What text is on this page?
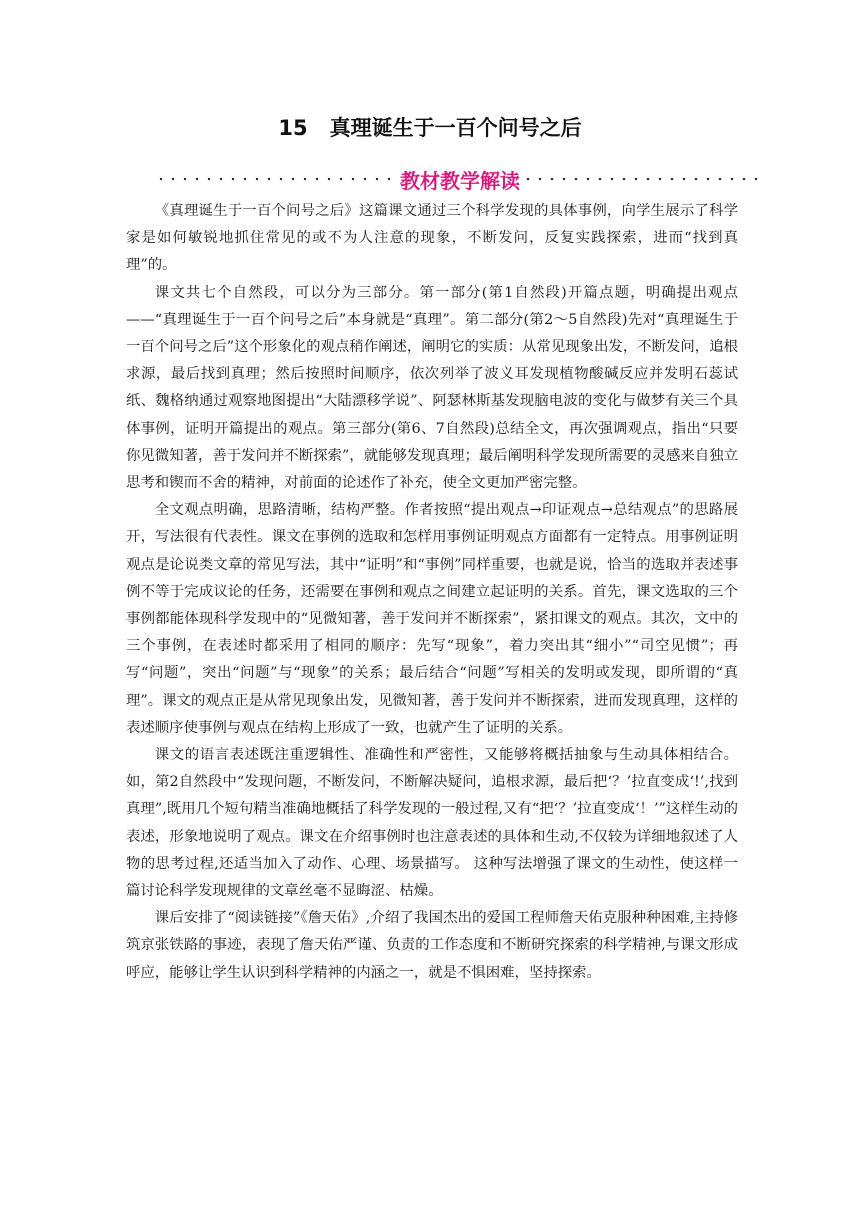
15 真理诞生于一百个问号之后
教材教学解读

《真理诞生于一百个问号之后》这篇课文通过三个科学发现的具体事例，向学生展示了科学家是如何敏锐地抓住常见的或不为人注意的现象，不断发问，反复实践探索，进而“找到真理”的。

课文共七个自然段，可以分为三部分。第一部分(第1自然段)开篇点题，明确提出观点——“真理诞生于一百个问号之后”本身就是“真理”。第二部分(第2～5自然段)先对“真理诞生于一百个问号之后”这个形象化的观点稍作阐述，阐明它的实质：从常见现象出发，不断发问，追根求源，最后找到真理；然后按照时间顺序，依次列举了波义耳发现植物酸碱反应并发明石蕊试纸、魏格纳通过观察地图提出“大陆漂移学说”、阿瑟林斯基发现脑电波的变化与做梦有关三个具体事例，证明开篇提出的观点。第三部分(第6、7自然段)总结全文，再次强调观点，指出“只要你见微知著，善于发问并不断探索”，就能够发现真理；最后阐明科学发现所需要的灵感来自独立思考和锲而不舍的精神，对前面的论述作了补充，使全文更加严密完整。

全文观点明确，思路清晰，结构严整。作者按照“提出观点→印证观点→总结观点”的思路展开，写法很有代表性。课文在事例的选取和怎样用事例证明观点方面都有一定特点。用事例证明观点是论说类文章的常见写法，其中“证明”和“事例”同样重要，也就是说，恰当的选取并表述事例不等于完成议论的任务，还需要在事例和观点之间建立起证明的关系。首先，课文选取的三个事例都能体现科学发现中的“见微知著，善于发问并不断探索”，紧扣课文的观点。其次，文中的三个事例，在表述时都采用了相同的顺序：先写“现象”，着力突出其“细小”“司空见惯”；再写“问题”，突出“问题”与“现象”的关系；最后结合“问题”写相关的发明或发现，即所谓的“真理”。课文的观点正是从常见现象出发，见微知著，善于发问并不断探索，进而发现真理，这样的表述顺序使事例与观点在结构上形成了一致，也就产生了证明的关系。

课文的语言表述既注重逻辑性、准确性和严密性，又能够将概括抽象与生动具体相结合。如，第2自然段中“发现问题，不断发问，不断解决疑问，追根求源，最后把‘？’拉直变成‘!’,找到真理”,既用几个短句精当准确地概括了科学发现的一般过程,又有“把‘？’拉直变成‘！’”这样生动的表述，形象地说明了观点。课文在介绍事例时也注意表述的具体和生动,不仅较为详细地叙述了人物的思考过程,还适当加入了动作、心理、场景描写。 这种写法增强了课文的生动性，使这样一篇讨论科学发现规律的文章丝毫不显晦涩、枯燥。

课后安排了“阅读链接”《詹天佑》,介绍了我国杰出的爱国工程师詹天佑克服种种困难,主持修筑京张铁路的事迹，表现了詹天佑严谨、负责的工作态度和不断研究探索的科学精神,与课文形成呼应，能够让学生认识到科学精神的内涵之一，就是不惧困难，坚持探索。
